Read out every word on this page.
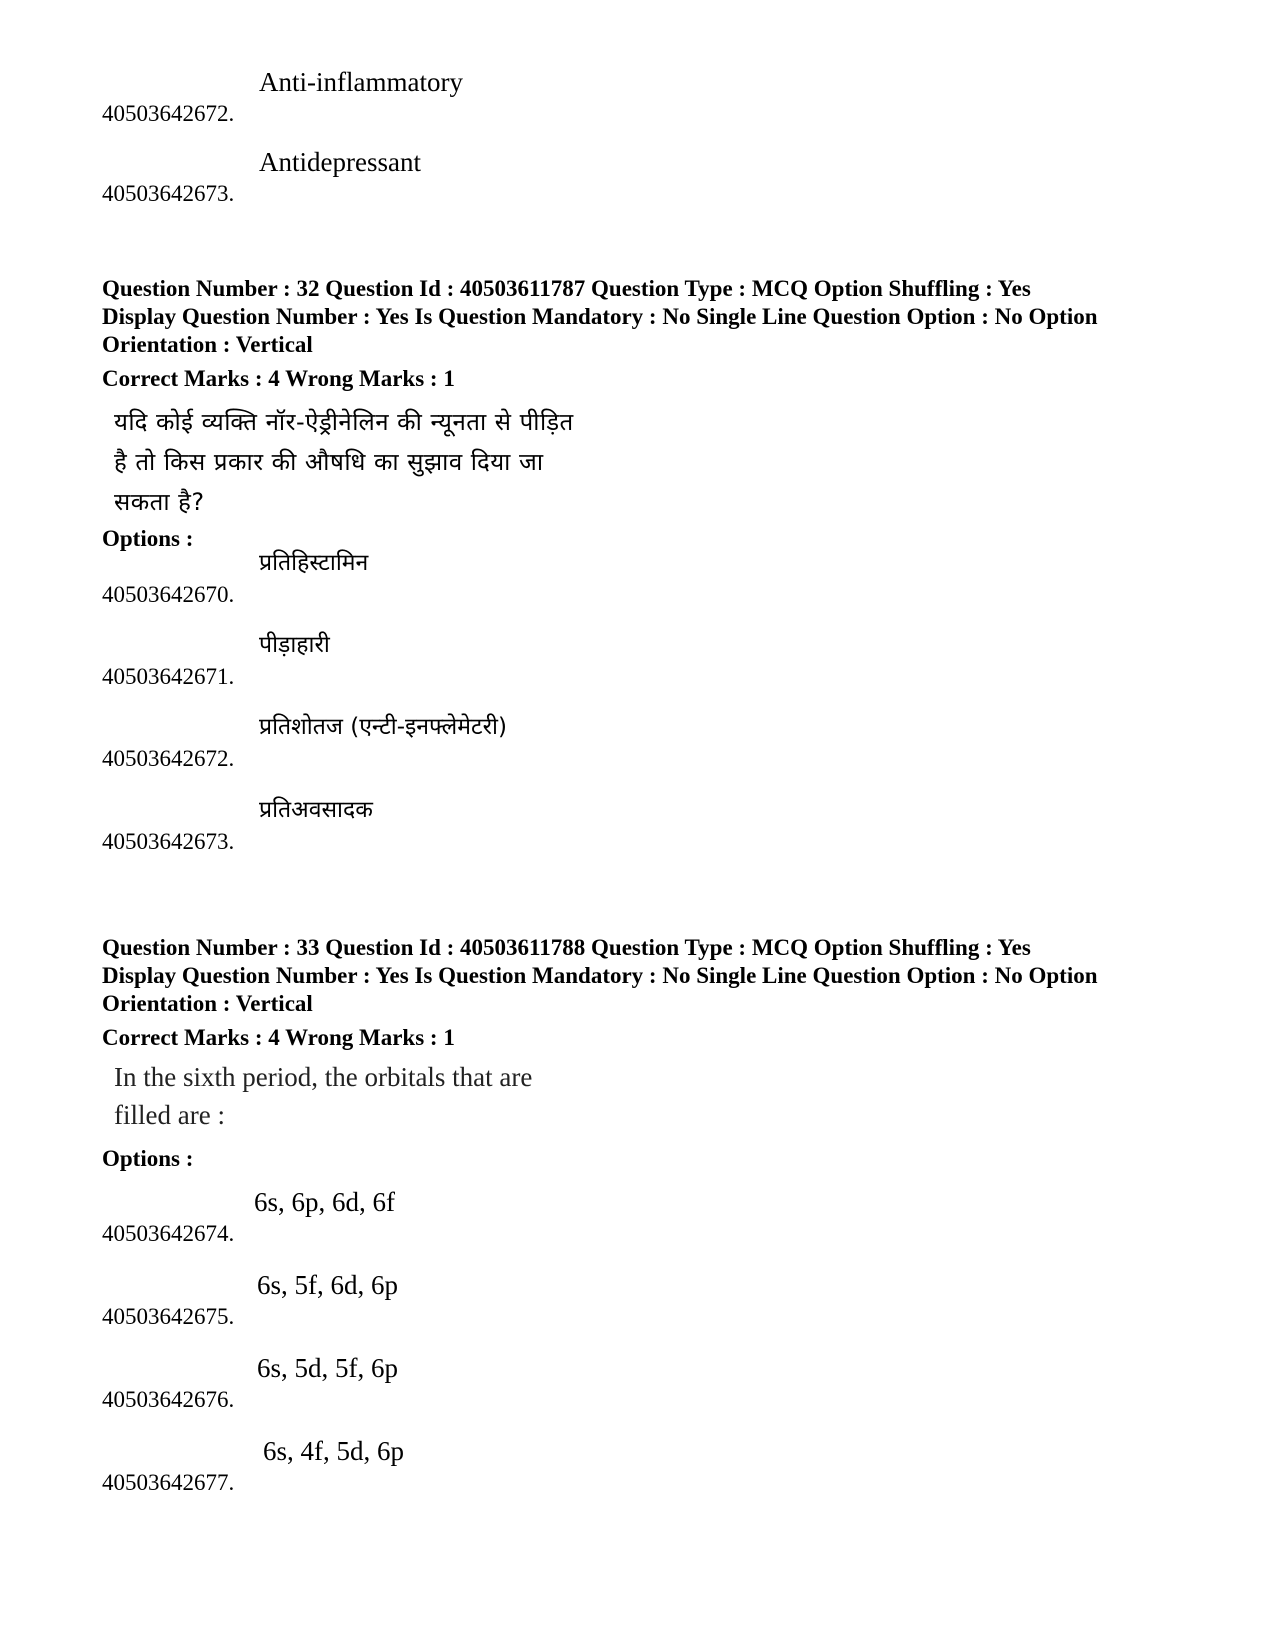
40503642672.
Anti-inflammatory
40503642673.
Antidepressant

Question Number : 32 Question Id : 40503611787 Question Type : MCQ Option Shuffling : Yes

Display Question Number : Yes Is Question Mandatory : No Single Line Question Option : No Option

Orientation : Vertical

Correct Marks : 4 Wrong Marks : 1

यदि कोई व्यक्ति नॉर-ऐड्रीनेलिन की न्यूनता से पीड़ित

है तो किस प्रकार की औषधि का सुझाव दिया जा

सकता है?

Options :
40503642670.
प्रतिहिस्टामिन
40503642671.
पीड़ाहारी
40503642672.
प्रतिशोतज (एन्टी-इनफ्लेमेटरी)
40503642673.
प्रतिअवसादक

Question Number : 33 Question Id : 40503611788 Question Type : MCQ Option Shuffling : Yes

Display Question Number : Yes Is Question Mandatory : No Single Line Question Option : No Option

Orientation : Vertical

Correct Marks : 4 Wrong Marks : 1

In the sixth period, the orbitals that are

filled are :

Options :
40503642674.
6s, 6p, 6d, 6f
40503642675.
6s, 5f, 6d, 6p
40503642676.
6s, 5d, 5f, 6p
40503642677.
6s, 4f, 5d, 6p
